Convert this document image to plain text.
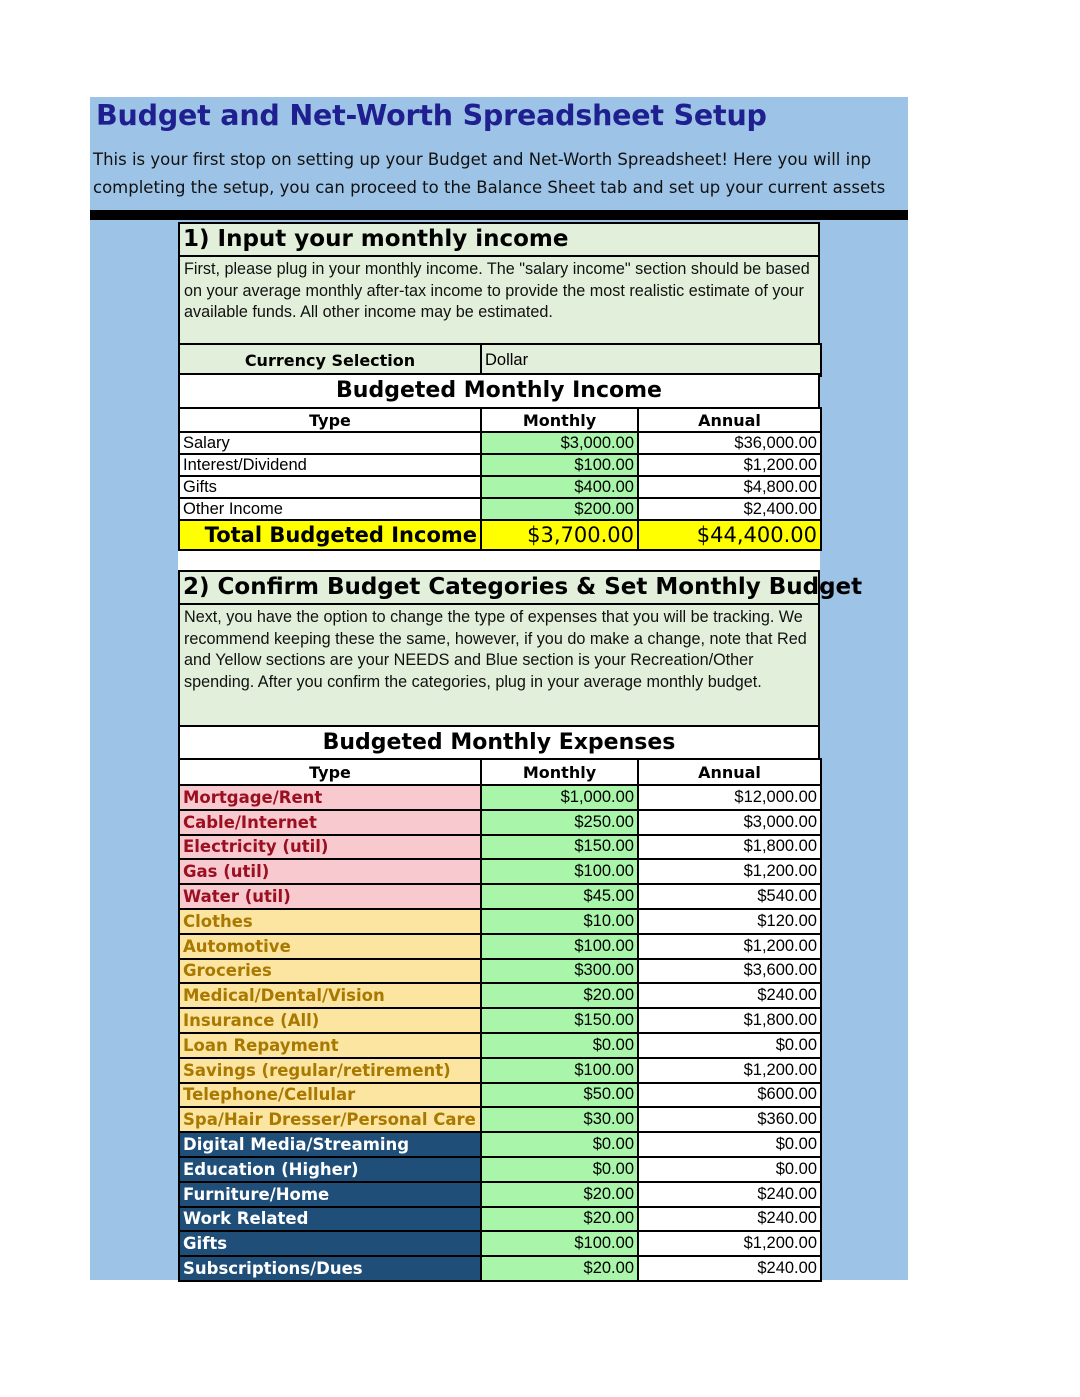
Budget and Net-Worth Spreadsheet Setup
This is your first stop on setting up your Budget and Net-Worth Spreadsheet! Here you will inp
completing the setup, you can proceed to the Balance Sheet tab and set up your current assets
1) Input your monthly income
First, please plug in your monthly income. The "salary income" section should be based on your average monthly after-tax income to provide the most realistic estimate of your available funds. All other income may be estimated.
Currency Selection	Dollar
Budgeted Monthly Income
Type	Monthly	Annual
Salary	$3,000.00	$36,000.00
Interest/Dividend	$100.00	$1,200.00
Gifts	$400.00	$4,800.00
Other Income	$200.00	$2,400.00
Total Budgeted Income	$3,700.00	$44,400.00
2) Confirm Budget Categories & Set Monthly Budget
Next, you have the option to change the type of expenses that you will be tracking. We recommend keeping these the same, however, if you do make a change, note that Red and Yellow sections are your NEEDS and Blue section is your Recreation/Other spending. After you confirm the categories, plug in your average monthly budget.
Budgeted Monthly Expenses
Type	Monthly	Annual
Mortgage/Rent	$1,000.00	$12,000.00
Cable/Internet	$250.00	$3,000.00
Electricity (util)	$150.00	$1,800.00
Gas (util)	$100.00	$1,200.00
Water (util)	$45.00	$540.00
Clothes	$10.00	$120.00
Automotive	$100.00	$1,200.00
Groceries	$300.00	$3,600.00
Medical/Dental/Vision	$20.00	$240.00
Insurance (All)	$150.00	$1,800.00
Loan Repayment	$0.00	$0.00
Savings (regular/retirement)	$100.00	$1,200.00
Telephone/Cellular	$50.00	$600.00
Spa/Hair Dresser/Personal Care	$30.00	$360.00
Digital Media/Streaming	$0.00	$0.00
Education (Higher)	$0.00	$0.00
Furniture/Home	$20.00	$240.00
Work Related	$20.00	$240.00
Gifts	$100.00	$1,200.00
Subscriptions/Dues	$20.00	$240.00
